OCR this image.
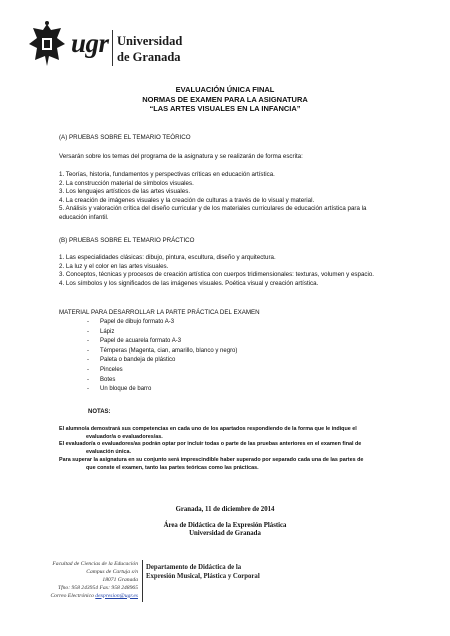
ugr Universidad
de Granada
EVALUACIÓN ÚNICA FINAL
NORMAS DE EXAMEN PARA LA ASIGNATURA
“LAS ARTES VISUALES EN LA INFANCIA”
(A) PRUEBAS SOBRE EL TEMARIO TEÓRICO
Versarán sobre los temas del programa de la asignatura y se realizarán de forma escrita:
1. Teorías, historia, fundamentos y perspectivas críticas en educación artística.
2. La construcción material de símbolos visuales.
3. Los lenguajes artísticos de las artes visuales.
4. La creación de imágenes visuales y la creación de culturas a través de lo visual y material.
5. Análisis y valoración crítica del diseño curricular y de los materiales curriculares de educación artística para la educación infantil.
(B) PRUEBAS SOBRE EL TEMARIO PRÁCTICO
1. Las especialidades clásicas: dibujo, pintura, escultura, diseño y arquitectura.
2. La luz y el color en las artes visuales.
3. Conceptos, técnicas y procesos de creación artística con cuerpos tridimensionales: texturas, volumen y espacio.
4. Los símbolos y los significados de las imágenes visuales. Poética visual y creación artística.
MATERIAL PARA DESARROLLAR LA PARTE PRÁCTICA DEL EXAMEN
-	Papel de dibujo formato A-3
-	Lápiz
-	Papel de acuarela formato A-3
-	Témperas (Magenta, cian, amarillo, blanco y negro)
-	Paleta o bandeja de plástico
-	Pinceles
-	Botes
-	Un bloque de barro
NOTAS:
El alumno/a demostrará sus competencias en cada uno de los apartados respondiendo de la forma que le indique el
evaluador/a o evaluadores/as.
El evaluador/a o evaluadores/as podrán optar por incluir todas o parte de las pruebas anteriores en el examen final de
evaluación única.
Para superar la asignatura en su conjunto será imprescindible haber superado por separado cada una de las partes de
que conste el examen, tanto las partes teóricas como las prácticas.
Granada, 11 de diciembre de 2014
Área de Didáctica de la Expresión Plástica
Universidad de Granada
Facultad de Ciencias de la Educación
Campus de Cartuja s/n
18071 Granada
Tfno: 958 243954 Fax: 958 248965
Correo Electrónico dexpresion@ugr.es
Departamento de Didáctica de la
Expresión Musical, Plástica y Corporal
